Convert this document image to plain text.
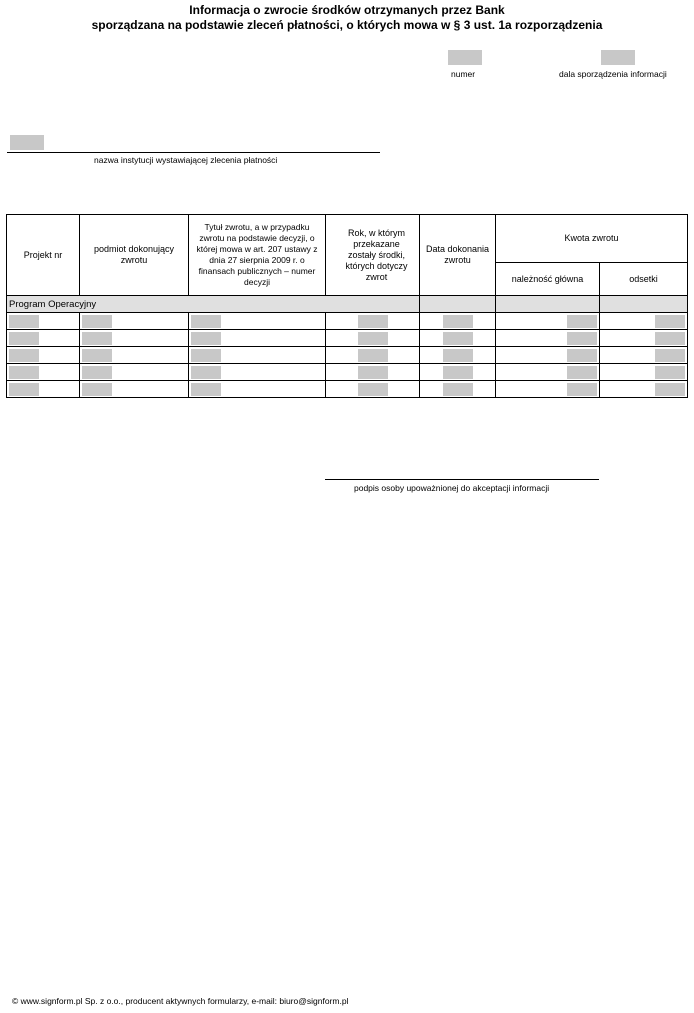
Informacja o zwrocie środków otrzymanych przez Bank
sporządzana na podstawie zleceń płatności, o których mowa w § 3 ust. 1a rozporządzenia
numer	dala sporządzenia informacji
nazwa instytucji wystawiającej zlecenia płatności
Projekt nr	podmiot dokonujący zwrotu	Tytuł zwrotu, a w przypadku zwrotu na podstawie decyzji, o której mowa w art. 207 ustawy z dnia 27 sierpnia 2009 r. o finansach publicznych – numer decyzji	Rok, w którym przekazane zostały środki, których dotyczy zwrot	Data dokonania zwrotu	Kwota zwrotu	
					należność główna	odsetki
Program Operacyjny						

podpis osoby upoważnionej do akceptacji informacji
© www.signform.pl Sp. z o.o., producent aktywnych formularzy, e-mail: biuro@signform.pl
